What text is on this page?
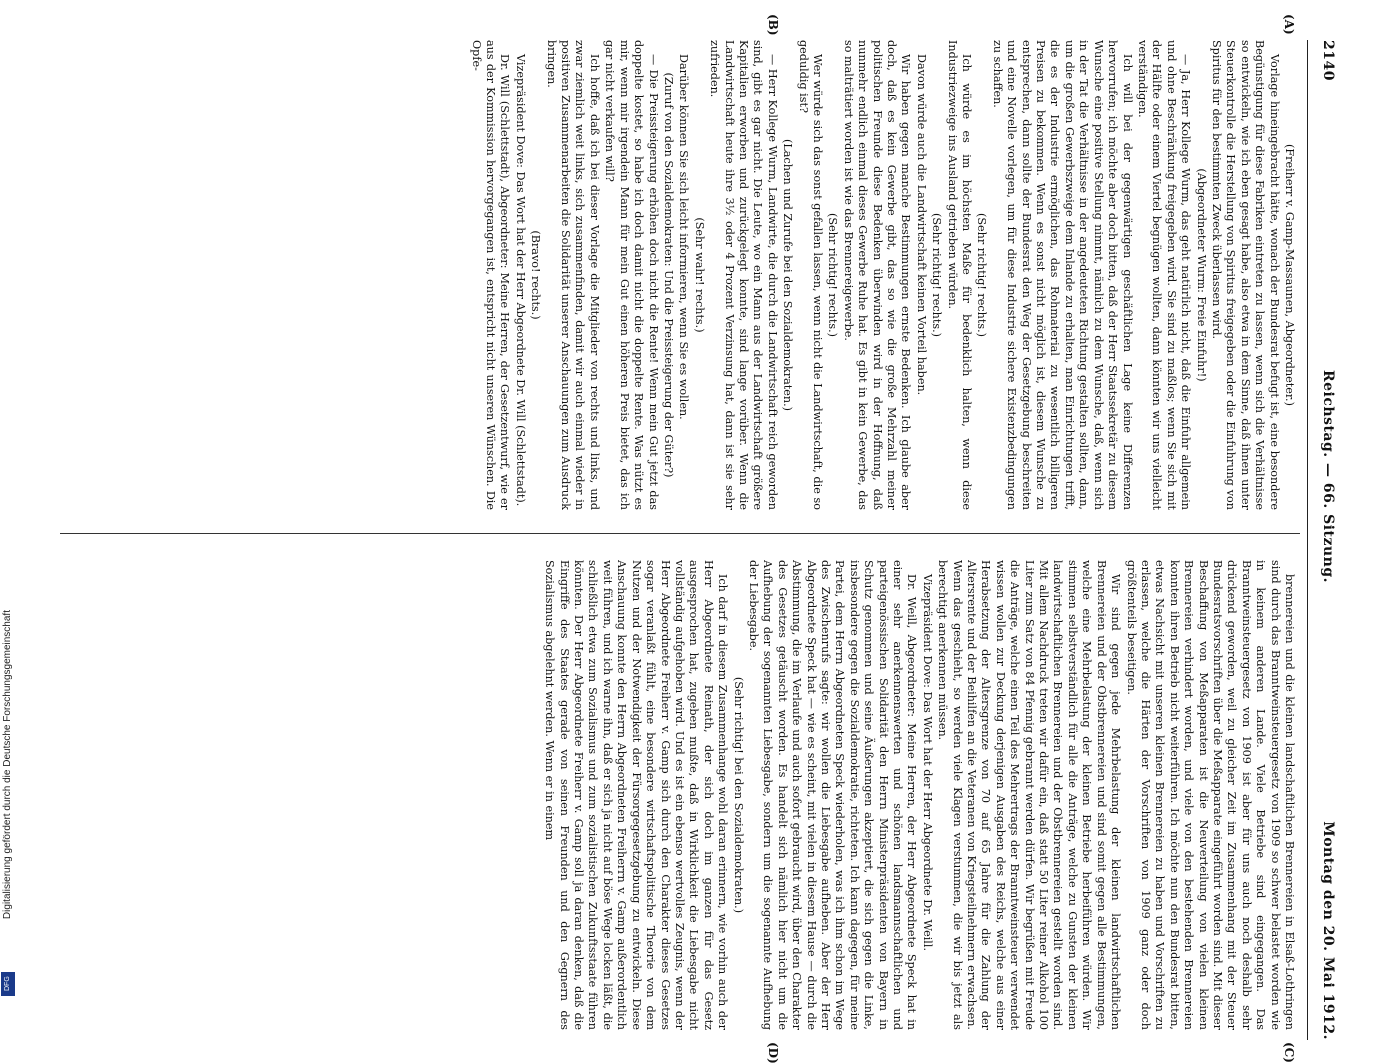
2140
Reichstag. — 66. Sitzung.
Montag den 20. Mai 1912.
(A)
(B)
(C)
(D)

(Freiherr v. Gamp-Massaunen, Abgeordneter.)

Vorlage hineingebracht hätte, wonach der Bundesrat befugt ist, eine besondere Begünstigung für diese Fabriken eintreten zu lassen, wenn sich die Verhältnisse so entwickeln, wie ich eben gesagt habe, also etwa in dem Sinne, daß ihnen unter Steuerkontrolle die Herstellung von Spiritus freigegeben oder die Einfuhrung von Spiritus für den bestimmten Zweck überlassen wird.

(Abgeordneter Wurm: Freie Einfuhr!)

— Ja, Herr Kollege Wurm, das geht natürlich nicht, daß die Einfuhr allgemein und ohne Beschränkung freigegeben wird. Sie sind zu maßlos; wenn Sie sich mit der Hälfte oder einem Viertel begnügen wollten, dann könnten wir uns vielleicht verständigen.

Ich will bei der gegenwärtigen geschäftlichen Lage keine Differenzen hervorrufen; ich möchte aber doch bitten, daß der Herr Staatssekretär zu diesem Wunsche eine positive Stellung nimmt, nämlich zu dem Wunsche, daß, wenn sich in der Tat die Verhältnisse in der angedeuteten Richtung gestalten sollten, dann, um die großen Gewerbszweige dem Inlande zu erhalten, man Einrichtungen trifft, die es der Industrie ermöglichen, das Rohmaterial zu wesentlich billigeren Preisen zu bekommen. Wenn es sonst nicht möglich ist, diesem Wunsche zu entsprechen, dann sollte der Bundesrat den Weg der Gesetzgebung beschreiten und eine Novelle vorlegen, um für diese Industrie sichere Existenzbedingungen zu schaffen.

(Sehr richtig! rechts.)

Ich würde es im höchsten Maße für bedenklich halten, wenn diese Industriezweige ins Ausland getrieben würden.

(Sehr richtig! rechts.)

Davon würde auch die Landwirtschaft keinen Vorteil haben.

Wir haben gegen manche Bestimmungen ernste Bedenken. Ich glaube aber doch, daß es kein Gewerbe gibt, das so wie die große Mehrzahl meiner politischen Freunde diese Bedenken überwinden wird in der Hoffnung, daß nunmehr endlich einmal dieses Gewerbe Ruhe hat. Es gibt in kein Gewerbe, das so malträtiert worden ist wie das Brennereigewerbe.

(Sehr richtig! rechts.)

Wer würde sich das sonst gefallen lassen, wenn nicht die Landwirtschaft, die so geduldig ist?

(Lachen und Zurufe bei den Sozialdemokraten.)

— Herr Kollege Wurm, Landwirte, die durch die Landwirtschaft reich geworden sind, gibt es gar nicht. Die Leute, wo ein Mann aus der Landwirtschaft größere Kapitalien erworben und zurückgelegt konnte, sind lange vorüber. Wenn die Landwirtschaft heute ihre 3½ oder 4 Prozent Verzinsung hat, dann ist sie sehr zufrieden.

(Sehr wahr! rechts.)

Darüber können Sie sich leicht informieren, wenn Sie es wollen.

(Zuruf von den Sozialdemokraten: Und die Preissteigerung der Güter?)

— Die Preissteigerung erhöhen doch nicht die Rente! Wenn mein Gut jetzt das doppelte kostet, so habe ich doch damit nicht die doppelte Rente. Was nützt es mir, wenn mir irgendein Mann für mein Gut einen höheren Preis bietet, das ich gar nicht verkaufen will?

Ich hoffe, daß ich bei dieser Vorlage die Mitglieder von rechts und links, und zwar ziemlich weit links, sich zusammenfinden, damit wir auch einmal wieder in positiven Zusammenarbeiten die Solidarität unserer Anschauungen zum Ausdruck bringen.

(Bravo! rechts.)

Vizepräsident Dove: Das Wort hat der Herr Abgeordnete Dr. Will (Schlettstadt).

Dr. Will (Schlettstadt), Abgeordneter: Meine Herren, der Gesetzentwurf, wie er aus der Kommission hervorgegangen ist, entspricht nicht unseren Wünschen. Die Opfe-

brennereien und die kleinen landschaftlichen Brennereien in Elsaß-Lothringen sind durch das Branntweinsteuergesetz von 1909 so schwer belastet worden wie in keinem anderen Lande. Viele Betriebe sind eingegangen. Das Branntweinsteuergesetz von 1909 ist aber für uns auch noch deshalb sehr drückend geworden, weil zu gleicher Zeit im Zusammenhang mit der Steuer Bundesratsvorschriften über die Meßapparate eingeführt worden sind. Mit dieser Beschaffung von Meßapparaten ist die Neuverteilung von vielen kleinen Brennereien verhindert worden, und viele von den bestehenden Brennereien konnten ihren Betrieb nicht weiterführen. Ich möchte nun den Bundesrat bitten, etwas Nachsicht mit unseren kleinen Brennereien zu haben und Vorschriften zu erlassen, welche die Härten der Vorschriften von 1909 ganz oder doch größtenteils beseitigen.

Wir sind gegen jede Mehrbelastung der kleinen landwirtschaftlichen Brennereien und der Obstbrennereien und sind somit gegen alle Bestimmungen, welche eine Mehrbelastung der kleinen Betriebe herbeiführen würden. Wir stimmen selbstverständlich für alle die Anträge, welche zu Gunsten der kleinen landwirtschaftlichen Brennereien und der Obstbrennereien gestellt worden sind. Mit allem Nachdruck treten wir dafür ein, daß statt 50 Liter reiner Alkohol 100 Liter zum Satz von 84 Pfennig gebrannt werden dürfen. Wir begrüßen mit Freude die Anträge, welche einen Teil des Mehrertrags der Branntweinsteuer verwendet wissen wollen zur Deckung derjenigen Ausgaben des Reichs, welche aus einer Herabsetzung der Altersgrenze von 70 auf 65 Jahre für die Zahlung der Altersrente und der Beihilfen an die Veteranen von Kriegsteilnehmern erwachsen. Wenn das geschieht, so werden viele Klagen verstummen, die wir bis jetzt als berechtigt anerkennen müssen.

Vizepräsident Dove: Das Wort hat der Herr Abgeordnete Dr. Weill.

Dr. Weill, Abgeordneter: Meine Herren, der Herr Abgeordnete Speck hat in einer sehr anerkennenswerten und schönen landsmannschaftlichen und parteigenössischen Solidarität den Herrn Ministerpräsidenten von Bayern in Schutz genommen und seine Äußerungen akzeptiert, die sich gegen die Linke, insbesondere gegen die Sozialdemokratie, richteten. Ich kann dagegen, für meine Partei, dem Herrn Abgeordneten Speck wiederholen, was ich ihm schon im Wege des Zwischenrufs sagte: wir wollen die Liebesgabe aufheben. Aber der Herr Abgeordnete Speck hat — wie es scheint, mit vielen in diesem Hause — durch die Abstimmung, die im Verlaufe und auch sofort gebraucht wird, über den Charakter des Gesetzes getäuscht worden. Es handelt sich nämlich hier nicht um die Aufhebung der sogenannten Liebesgabe, sondern um die sogenannte Aufhebung der Liebesgabe.

(Sehr richtig! bei den Sozialdemokraten.)

Ich darf in diesem Zusammenhange wohl daran erinnern, wie vorhin auch der Herr Abgeordnete Reinath, der sich doch im ganzen für das Gesetz ausgesprochen hat, zugeben mußte, daß in Wirklichkeit die Liebesgabe nicht vollständig aufgehoben wird. Und es ist ein ebenso wertvolles Zeugnis, wenn der Herr Abgeordnete Freiherr v. Gamp sich durch den Charakter dieses Gesetzes sogar veranlaßt fühlt, eine besondere wirtschaftspolitische Theorie von dem Nutzen und der Notwendigkeit der Fürsorgegesetzgebung zu entwickeln. Diese Anschauung konnte den Herrn Abgeordneten Freiherrn v. Gamp außerordentlich weit führen, und ich warne ihn, daß er sich ja nicht auf böse Wege locken läßt, die schließlich etwa zum Sozialismus und zum sozialistischen Zukunftsstaate führen könnten. Der Herr Abgeordnete Freiherr v. Gamp soll ja daran denken, daß die Eingriffe des Staates gerade von seinen Freunden und den Gegnern des Sozialismus abgelehnt werden. Wenn er in einem

Digitalisierung gefördert durch die Deutsche Forschungsgemeinschaft
DFG
